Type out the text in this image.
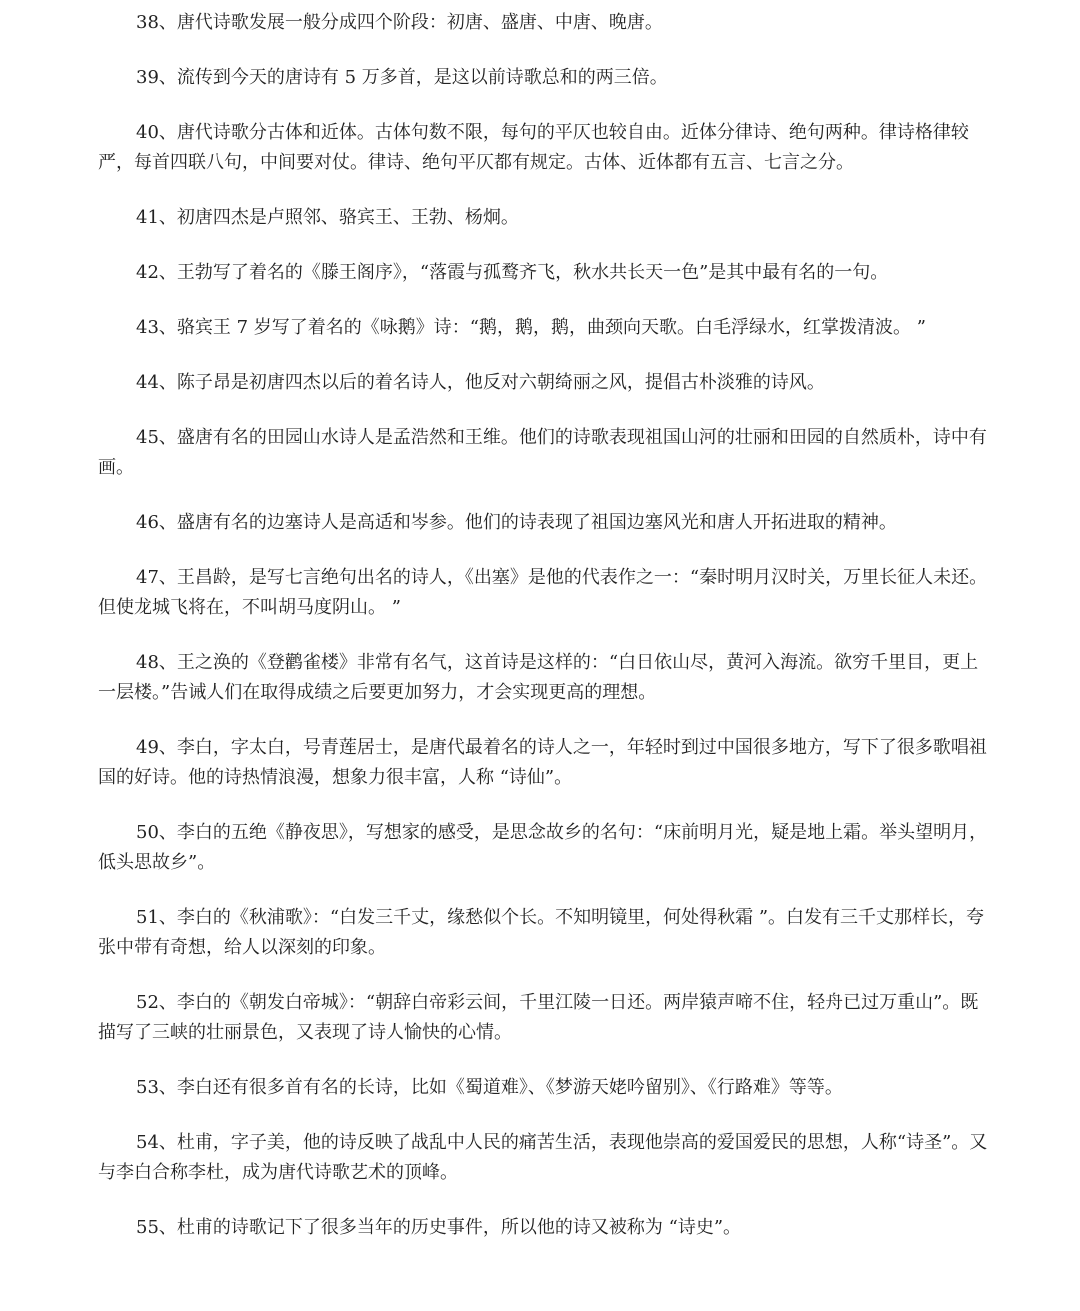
38、唐代诗歌发展一般分成四个阶段：初唐、盛唐、中唐、晚唐。

39、流传到今天的唐诗有 5 万多首，是这以前诗歌总和的两三倍。

40、唐代诗歌分古体和近体。古体句数不限，每句的平仄也较自由。近体分律诗、绝句两种。律诗格律较严，每首四联八句，中间要对仗。律诗、绝句平仄都有规定。古体、近体都有五言、七言之分。

41、初唐四杰是卢照邻、骆宾王、王勃、杨炯。

42、王勃写了着名的《滕王阁序》，“落霞与孤鹜齐飞，秋水共长天一色”是其中最有名的一句。

43、骆宾王 7 岁写了着名的《咏鹅》诗：“鹅，鹅，鹅，曲颈向天歌。白毛浮绿水，红掌拨清波。 ”

44、陈子昂是初唐四杰以后的着名诗人，他反对六朝绮丽之风，提倡古朴淡雅的诗风。

45、盛唐有名的田园山水诗人是孟浩然和王维。他们的诗歌表现祖国山河的壮丽和田园的自然质朴，诗中有画。

46、盛唐有名的边塞诗人是高适和岑参。他们的诗表现了祖国边塞风光和唐人开拓进取的精神。

47、王昌龄，是写七言绝句出名的诗人，《出塞》是他的代表作之一：“秦时明月汉时关，万里长征人未还。但使龙城飞将在，不叫胡马度阴山。 ”

48、王之涣的《登鹳雀楼》非常有名气，这首诗是这样的：“白日依山尽，黄河入海流。欲穷千里目，更上一层楼。”告诫人们在取得成绩之后要更加努力，才会实现更高的理想。

49、李白，字太白，号青莲居士，是唐代最着名的诗人之一，年轻时到过中国很多地方，写下了很多歌唱祖国的好诗。他的诗热情浪漫，想象力很丰富，人称 “诗仙”。

50、李白的五绝《静夜思》，写想家的感受，是思念故乡的名句：“床前明月光，疑是地上霜。举头望明月，低头思故乡”。

51、李白的《秋浦歌》：“白发三千丈，缘愁似个长。不知明镜里，何处得秋霜 ”。白发有三千丈那样长，夸张中带有奇想，给人以深刻的印象。

52、李白的《朝发白帝城》：“朝辞白帝彩云间，千里江陵一日还。两岸猿声啼不住，轻舟已过万重山”。既描写了三峡的壮丽景色，又表现了诗人愉快的心情。

53、李白还有很多首有名的长诗，比如《蜀道难》、《梦游天姥吟留别》、《行路难》等等。

54、杜甫，字子美，他的诗反映了战乱中人民的痛苦生活，表现他崇高的爱国爱民的思想，人称“诗圣”。又与李白合称李杜，成为唐代诗歌艺术的顶峰。

55、杜甫的诗歌记下了很多当年的历史事件，所以他的诗又被称为 “诗史”。
